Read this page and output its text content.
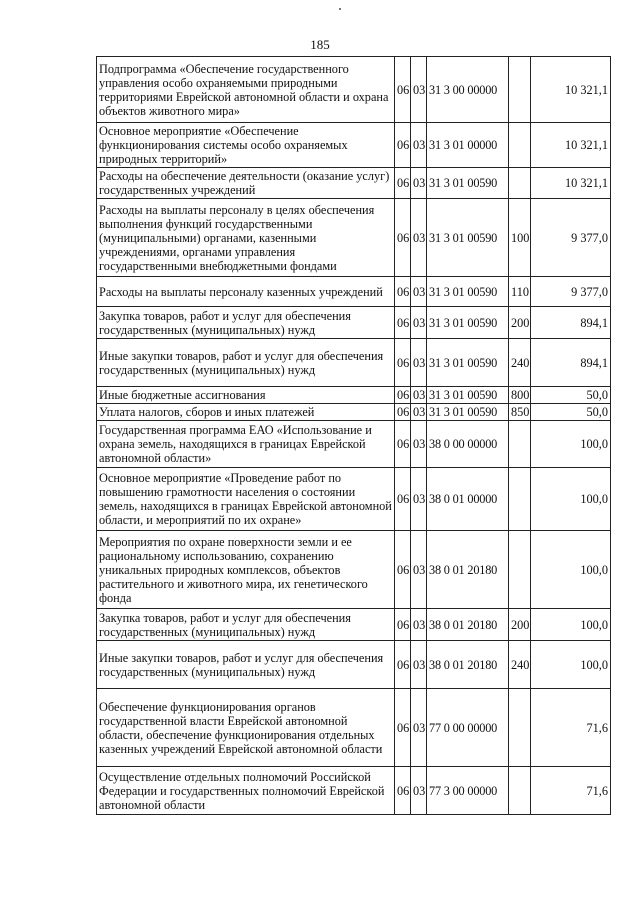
185
Подпрограмма «Обеспечение государственного управления особо охраняемыми природными территориями Еврейской автономной области и охрана объектов животного мира»	06	03	31 3 00 00000		10 321,1
Основное мероприятие «Обеспечение функционирования системы особо охраняемых природных территорий»	06	03	31 3 01 00000		10 321,1
Расходы на обеспечение деятельности (оказание услуг) государственных учреждений	06	03	31 3 01 00590		10 321,1
Расходы на выплаты персоналу в целях обеспечения выполнения функций государственными (муниципальными) органами, казенными учреждениями, органами управления государственными внебюджетными фондами	06	03	31 3 01 00590	100	9 377,0
Расходы на выплаты персоналу казенных учреждений	06	03	31 3 01 00590	110	9 377,0
Закупка товаров, работ и услуг для обеспечения государственных (муниципальных) нужд	06	03	31 3 01 00590	200	894,1
Иные закупки товаров, работ и услуг для обеспечения государственных (муниципальных) нужд	06	03	31 3 01 00590	240	894,1
Иные бюджетные ассигнования	06	03	31 3 01 00590	800	50,0
Уплата налогов, сборов и иных платежей	06	03	31 3 01 00590	850	50,0
Государственная программа ЕАО «Использование и охрана земель, находящихся в границах Еврейской автономной области»	06	03	38 0 00 00000		100,0
Основное мероприятие «Проведение работ по повышению грамотности населения о состоянии земель, находящихся в границах Еврейской автономной области, и мероприятий по их охране»	06	03	38 0 01 00000		100,0
Мероприятия по охране поверхности земли и ее рациональному использованию, сохранению уникальных природных комплексов, объектов растительного и животного мира, их генетического фонда	06	03	38 0 01 20180		100,0
Закупка товаров, работ и услуг для обеспечения государственных (муниципальных) нужд	06	03	38 0 01 20180	200	100,0
Иные закупки товаров, работ и услуг для обеспечения государственных (муниципальных) нужд	06	03	38 0 01 20180	240	100,0
Обеспечение функционирования органов государственной власти Еврейской автономной области, обеспечение функционирования отдельных казенных учреждений Еврейской автономной области	06	03	77 0 00 00000		71,6
Осуществление отдельных полномочий Российской Федерации и государственных полномочий Еврейской автономной области	06	03	77 3 00 00000		71,6
